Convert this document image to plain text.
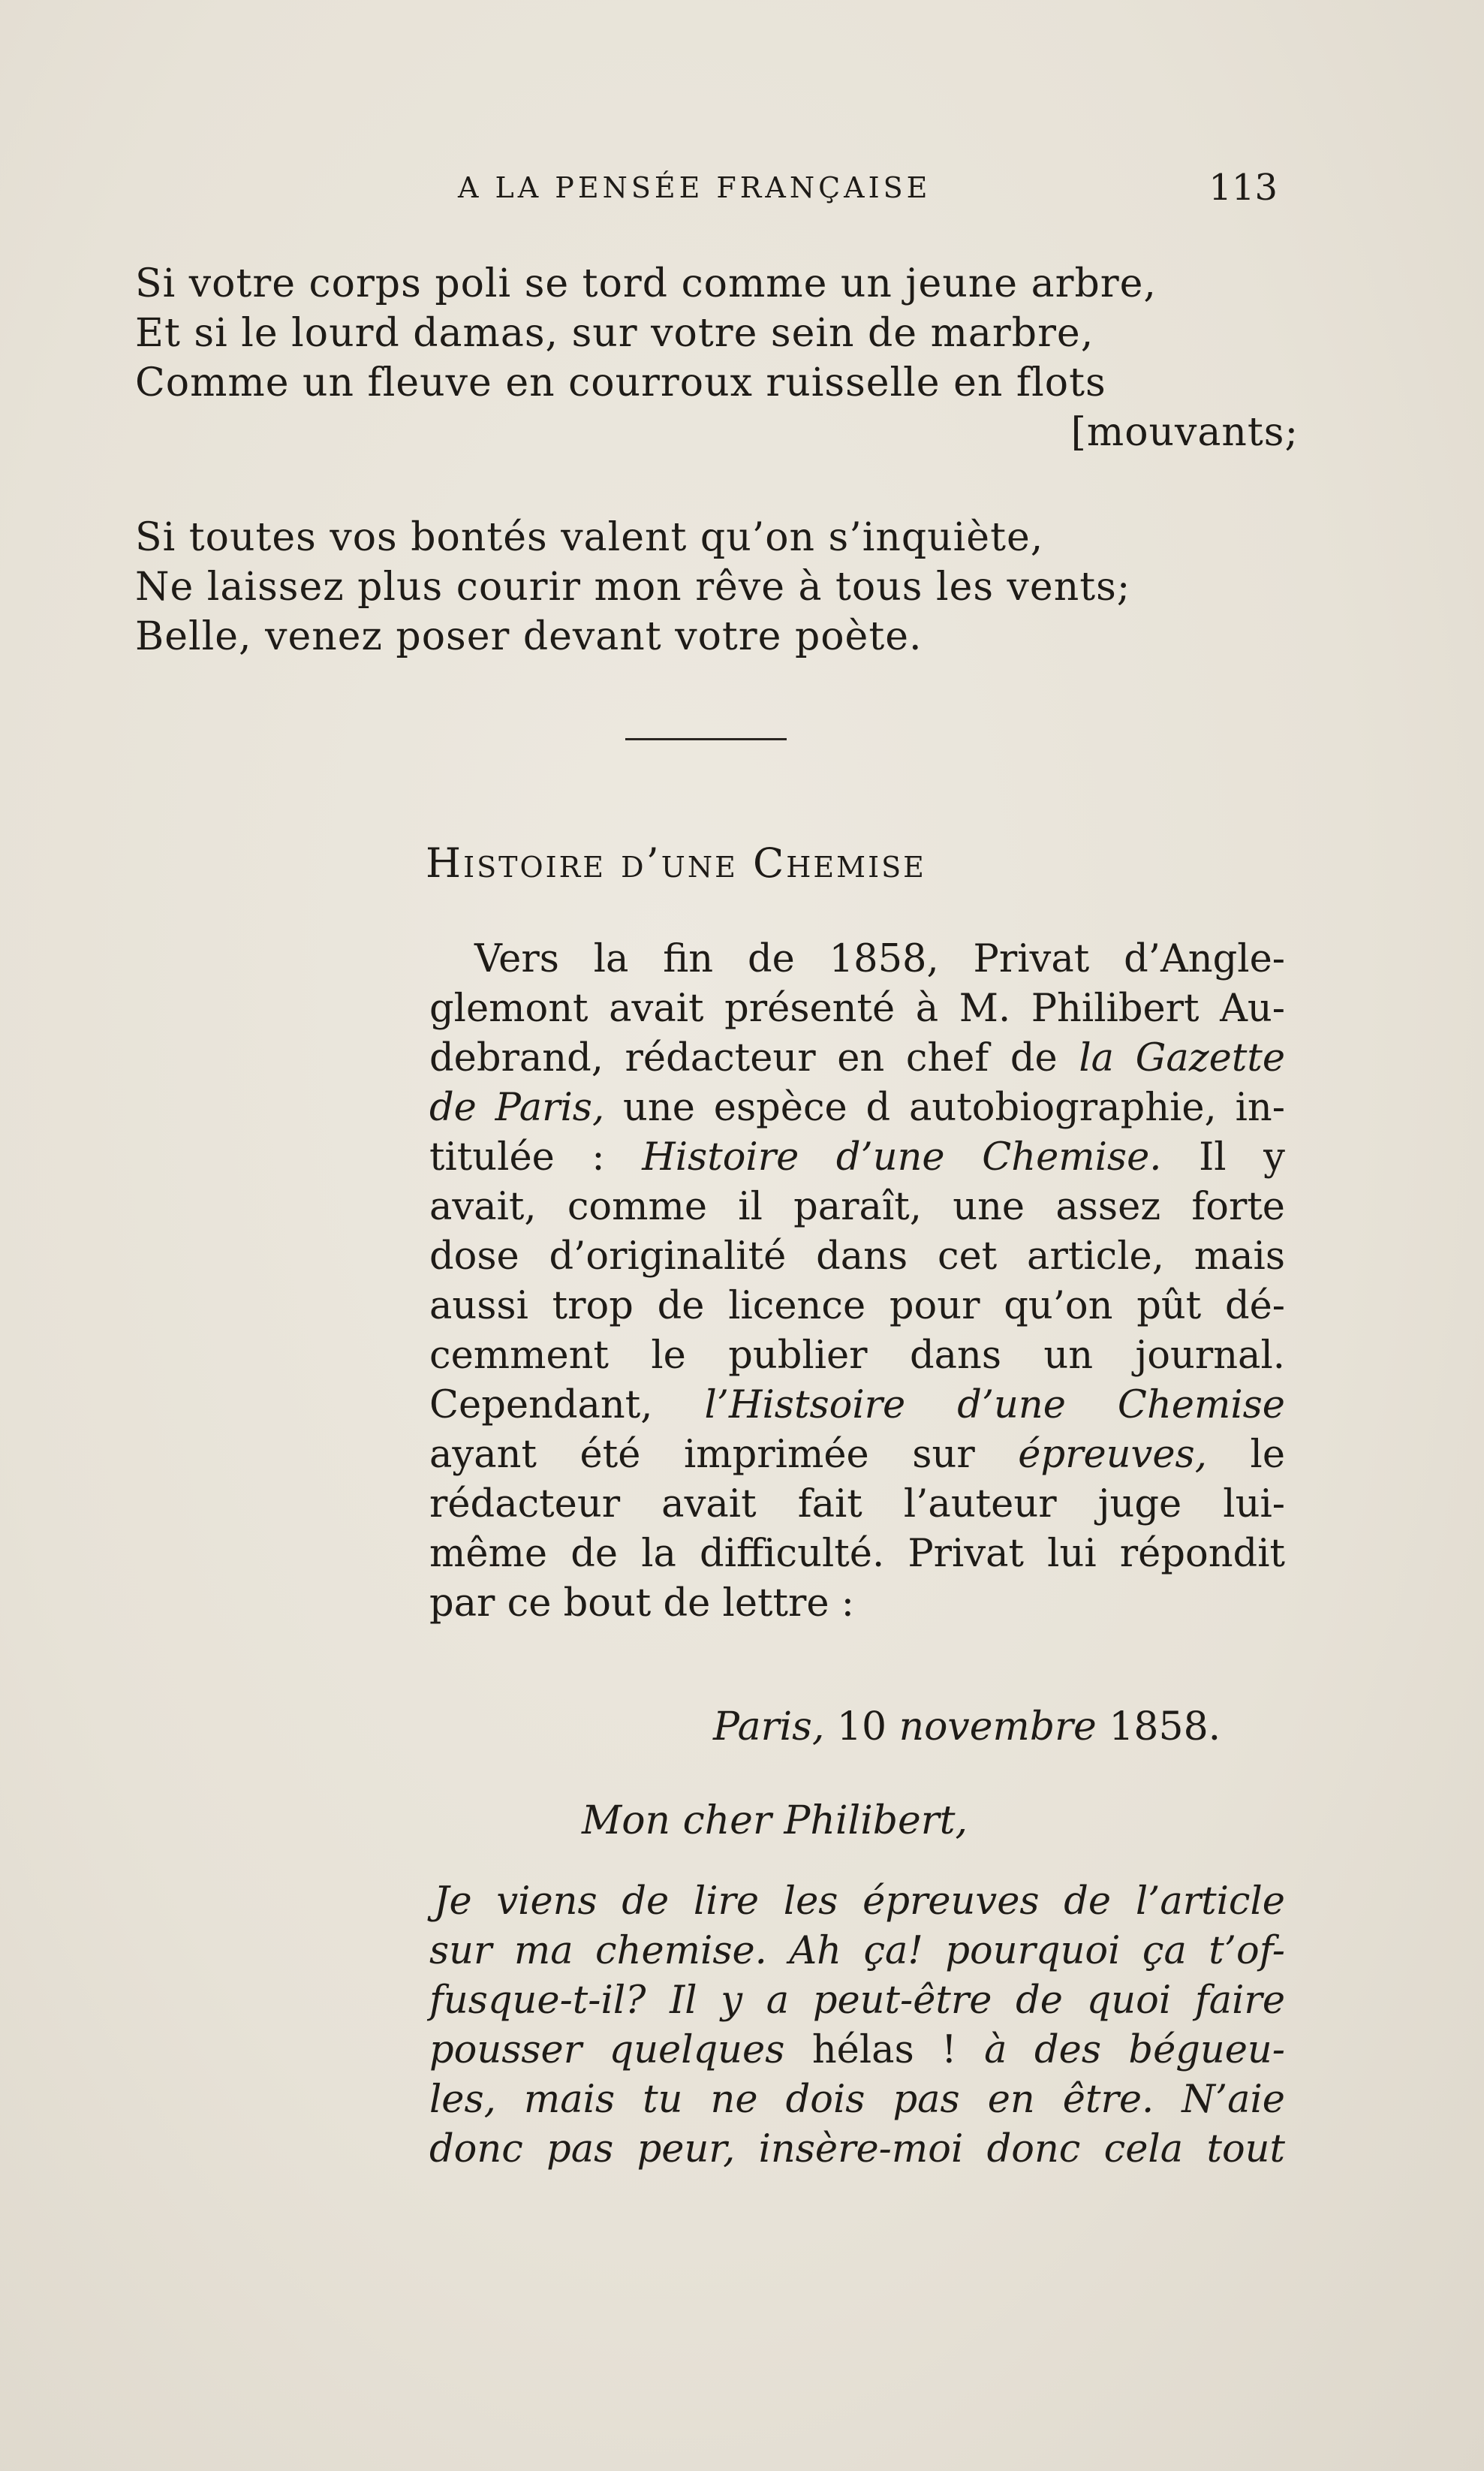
A LA PENSÉE FRANÇAISE	113
Si votre corps poli se tord comme un jeune arbre,
Et si le lourd damas, sur votre sein de marbre,
Comme un fleuve en courroux ruisselle en flots
[mouvants;
Si toutes vos bontés valent qu’on s’inquiète,
Ne laissez plus courir mon rêve à tous les vents;
Belle, venez poser devant votre poète.
Histoire d’une Chemise
Vers la fin de 1858, Privat d’Angle-
glemont avait présenté à M. Philibert Au-
debrand, rédacteur en chef de la Gazette
de Paris, une espèce d autobiographie, in-
titulée : Histoire d’une Chemise. Il y
avait, comme il paraît, une assez forte
dose d’originalité dans cet article, mais
aussi trop de licence pour qu’on pût dé-
cemment le publier dans un journal.
Cependant, l’Histsoire d’une Chemise
ayant été imprimée sur épreuves, le
rédacteur avait fait l’auteur juge lui-
même de la difficulté. Privat lui répondit
par ce bout de lettre :
Paris, 10 novembre 1858.
Mon cher Philibert,
Je viens de lire les épreuves de l’article
sur ma chemise. Ah ça! pourquoi ça t’of-
fusque-t-il? Il y a peut-être de quoi faire
pousser quelques hélas ! à des bégueu-
les, mais tu ne dois pas en être. N’aie
donc pas peur, insère-moi donc cela tout
